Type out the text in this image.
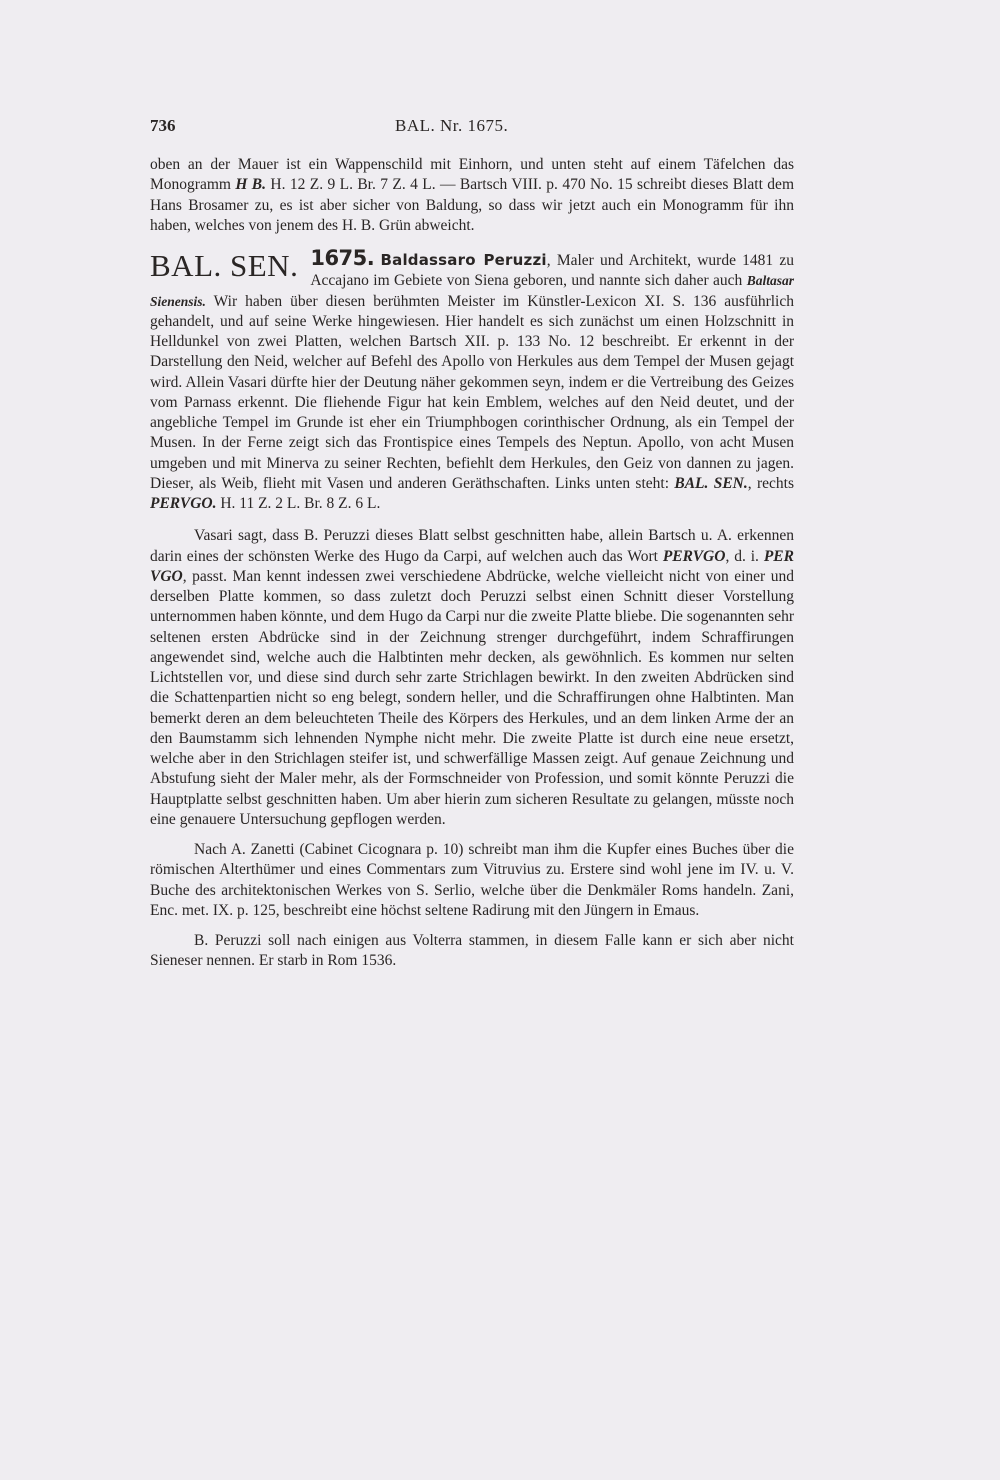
736	BAL. Nr. 1675.

oben an der Mauer ist ein Wappenschild mit Einhorn, und unten steht auf einem Täfelchen das Monogramm H B. H. 12 Z. 9 L. Br. 7 Z. 4 L. — Bartsch VIII. p. 470 No. 15 schreibt dieses Blatt dem Hans Brosamer zu, es ist aber sicher von Baldung, so dass wir jetzt auch ein Monogramm für ihn haben, welches von jenem des H. B. Grün abweicht.

BAL. SEN. 1675. Baldassaro Peruzzi, Maler und Architekt, wurde 1481 zu Accajano im Gebiete von Siena geboren, und nannte sich daher auch Baltasar Sienensis. Wir haben über diesen berühmten Meister im Künstler-Lexicon XI. S. 136 ausführlich gehandelt, und auf seine Werke hingewiesen. Hier handelt es sich zunächst um einen Holzschnitt in Helldunkel von zwei Platten, welchen Bartsch XII. p. 133 No. 12 beschreibt. Er erkennt in der Darstellung den Neid, welcher auf Befehl des Apollo von Herkules aus dem Tempel der Musen gejagt wird. Allein Vasari dürfte hier der Deutung näher gekommen seyn, indem er die Vertreibung des Geizes vom Parnass erkennt. Die fliehende Figur hat kein Emblem, welches auf den Neid deutet, und der angebliche Tempel im Grunde ist eher ein Triumphbogen corinthischer Ordnung, als ein Tempel der Musen. In der Ferne zeigt sich das Frontispice eines Tempels des Neptun. Apollo, von acht Musen umgeben und mit Minerva zu seiner Rechten, befiehlt dem Herkules, den Geiz von dannen zu jagen. Dieser, als Weib, flieht mit Vasen und anderen Geräthschaften. Links unten steht: BAL. SEN., rechts PERVGO. H. 11 Z. 2 L. Br. 8 Z. 6 L.

Vasari sagt, dass B. Peruzzi dieses Blatt selbst geschnitten habe, allein Bartsch u. A. erkennen darin eines der schönsten Werke des Hugo da Carpi, auf welchen auch das Wort PERVGO, d. i. PER VGO, passt. Man kennt indessen zwei verschiedene Abdrücke, welche vielleicht nicht von einer und derselben Platte kommen, so dass zuletzt doch Peruzzi selbst einen Schnitt dieser Vorstellung unternommen haben könnte, und dem Hugo da Carpi nur die zweite Platte bliebe. Die sogenannten sehr seltenen ersten Abdrücke sind in der Zeichnung strenger durchgeführt, indem Schraffirungen angewendet sind, welche auch die Halbtinten mehr decken, als gewöhnlich. Es kommen nur selten Lichtstellen vor, und diese sind durch sehr zarte Strichlagen bewirkt. In den zweiten Abdrücken sind die Schattenpartien nicht so eng belegt, sondern heller, und die Schraffirungen ohne Halbtinten. Man bemerkt deren an dem beleuchteten Theile des Körpers des Herkules, und an dem linken Arme der an den Baumstamm sich lehnenden Nymphe nicht mehr. Die zweite Platte ist durch eine neue ersetzt, welche aber in den Strichlagen steifer ist, und schwerfällige Massen zeigt. Auf genaue Zeichnung und Abstufung sieht der Maler mehr, als der Formschneider von Profession, und somit könnte Peruzzi die Hauptplatte selbst geschnitten haben. Um aber hierin zum sicheren Resultate zu gelangen, müsste noch eine genauere Untersuchung gepflogen werden.

Nach A. Zanetti (Cabinet Cicognara p. 10) schreibt man ihm die Kupfer eines Buches über die römischen Alterthümer und eines Commentars zum Vitruvius zu. Erstere sind wohl jene im IV. u. V. Buche des architektonischen Werkes von S. Serlio, welche über die Denkmäler Roms handeln. Zani, Enc. met. IX. p. 125, beschreibt eine höchst seltene Radirung mit den Jüngern in Emaus.

B. Peruzzi soll nach einigen aus Volterra stammen, in diesem Falle kann er sich aber nicht Sieneser nennen. Er starb in Rom 1536.
